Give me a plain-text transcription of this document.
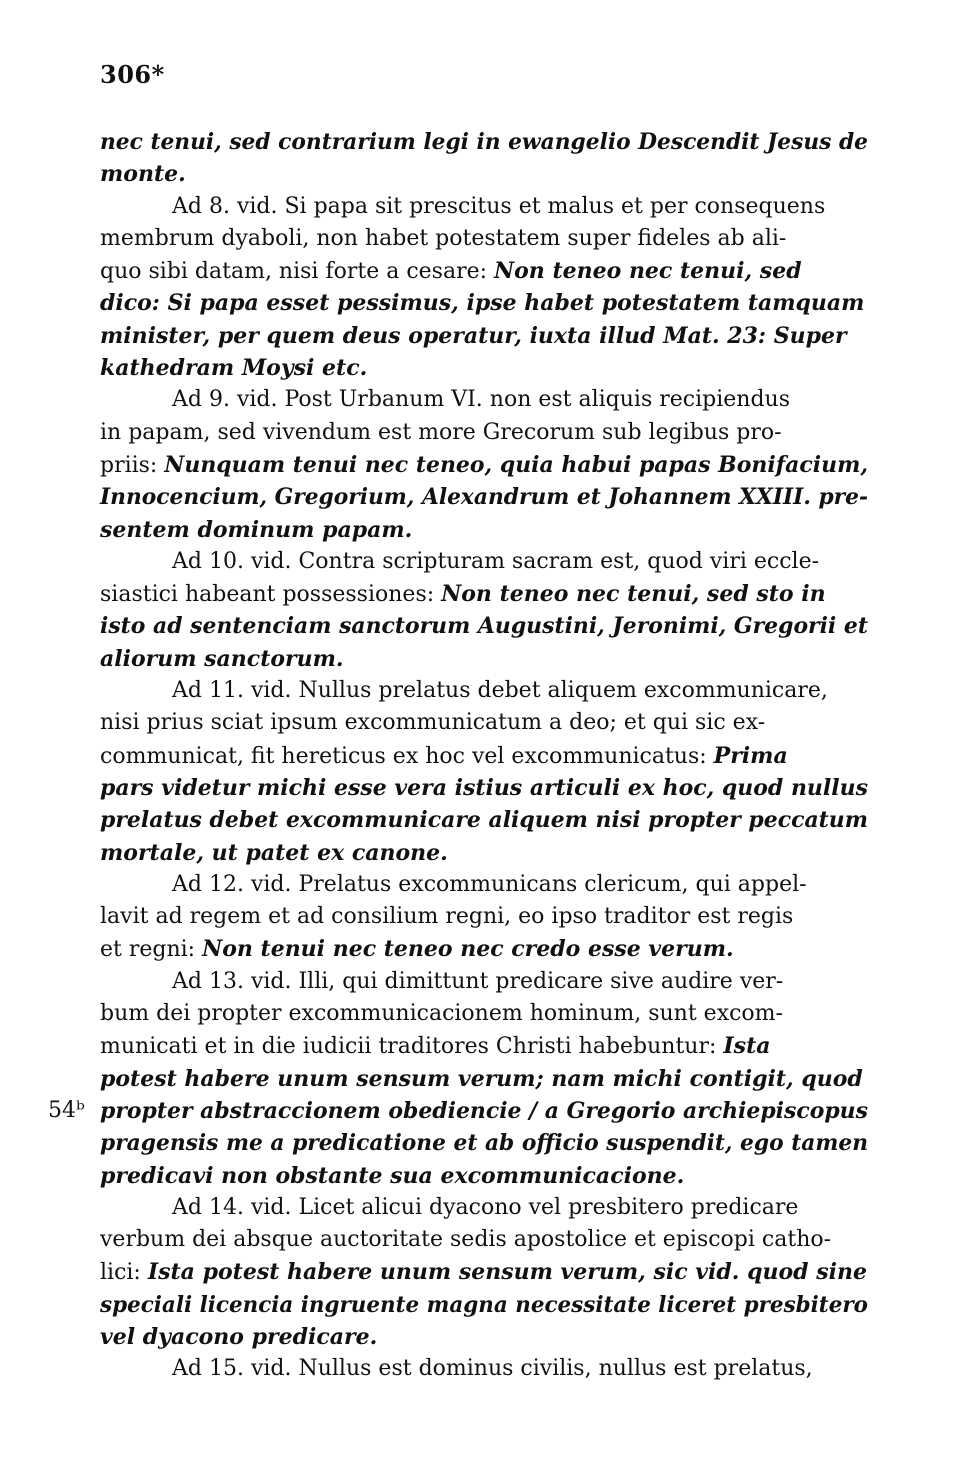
306*
nec tenui, sed contrarium legi in ewangelio Descendit Jesus de
monte.
Ad 8. vid. Si papa sit prescitus et malus et per consequens
membrum dyaboli, non habet potestatem super fideles ab ali-
quo sibi datam, nisi forte a cesare: Non teneo nec tenui, sed
dico: Si papa esset pessimus, ipse habet potestatem tamquam
minister, per quem deus operatur, iuxta illud Mat. 23: Super
kathedram Moysi etc.
Ad 9. vid. Post Urbanum VI. non est aliquis recipiendus
in papam, sed vivendum est more Grecorum sub legibus pro-
priis: Nunquam tenui nec teneo, quia habui papas Bonifacium,
Innocencium, Gregorium, Alexandrum et Johannem XXIII. pre-
sentem dominum papam.
Ad 10. vid. Contra scripturam sacram est, quod viri eccle-
siastici habeant possessiones: Non teneo nec tenui, sed sto in
isto ad sentenciam sanctorum Augustini, Jeronimi, Gregorii et
aliorum sanctorum.
Ad 11. vid. Nullus prelatus debet aliquem excommunicare,
nisi prius sciat ipsum excommunicatum a deo; et qui sic ex-
communicat, fit hereticus ex hoc vel excommunicatus: Prima
pars videtur michi esse vera istius articuli ex hoc, quod nullus
prelatus debet excommunicare aliquem nisi propter peccatum
mortale, ut patet ex canone.
Ad 12. vid. Prelatus excommunicans clericum, qui appel-
lavit ad regem et ad consilium regni, eo ipso traditor est regis
et regni: Non tenui nec teneo nec credo esse verum.
Ad 13. vid. Illi, qui dimittunt predicare sive audire ver-
bum dei propter excommunicacionem hominum, sunt excom-
municati et in die iudicii traditores Christi habebuntur: Ista
potest habere unum sensum verum; nam michi contigit, quod
54ᵇ propter abstraccionem obediencie / a Gregorio archiepiscopus
pragensis me a predicatione et ab officio suspendit, ego tamen
predicavi non obstante sua excommunicacione.
Ad 14. vid. Licet alicui dyacono vel presbitero predicare
verbum dei absque auctoritate sedis apostolice et episcopi catho-
lici: Ista potest habere unum sensum verum, sic vid. quod sine
speciali licencia ingruente magna necessitate liceret presbitero
vel dyacono predicare.
Ad 15. vid. Nullus est dominus civilis, nullus est prelatus,
